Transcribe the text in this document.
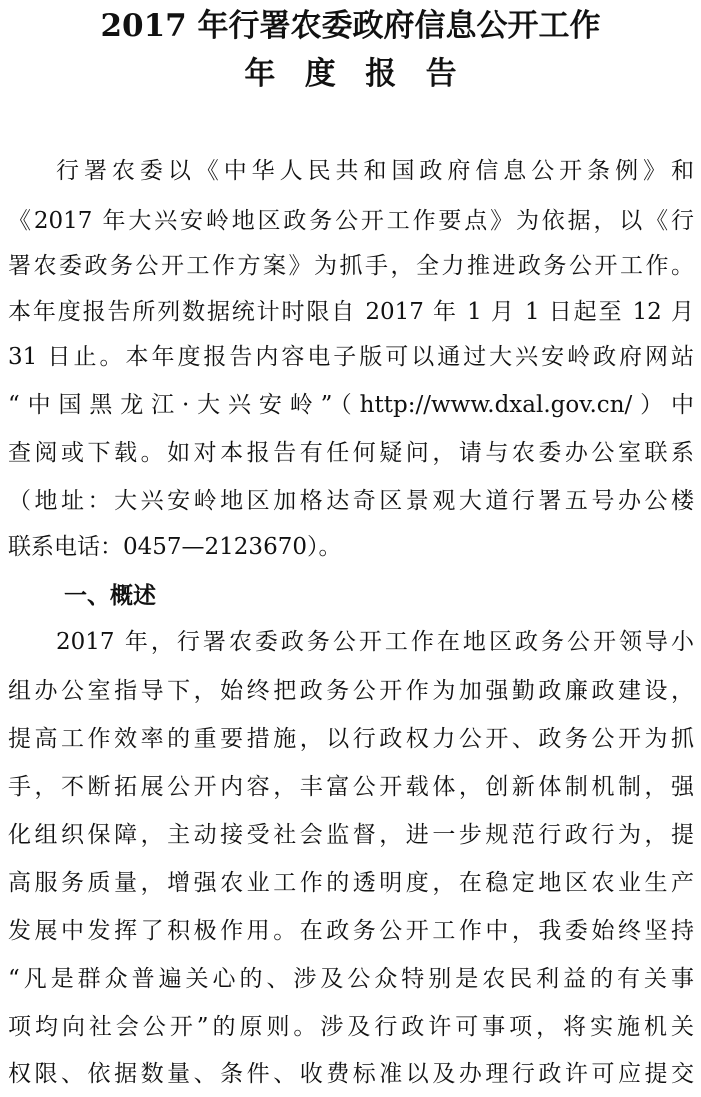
2017 年行署农委政府信息公开工作
年度报告

行署农委以《中华人民共和国政府信息公开条例》和

《2017 年大兴安岭地区政务公开工作要点》为依据，以《行

署农委政务公开工作方案》为抓手，全力推进政务公开工作。

本年度报告所列数据统计时限自 2017 年 1 月 1 日起至 12 月

31 日止。本年度报告内容电子版可以通过大兴安岭政府网站

“中国黑龙江·大兴安岭”（http://www.dxal.gov.cn/）中

查阅或下载。如对本报告有任何疑问，请与农委办公室联系

（地址：大兴安岭地区加格达奇区景观大道行署五号办公楼

联系电话：0457—2123670）。

一、概述

2017 年，行署农委政务公开工作在地区政务公开领导小

组办公室指导下，始终把政务公开作为加强勤政廉政建设，

提高工作效率的重要措施，以行政权力公开、政务公开为抓

手，不断拓展公开内容，丰富公开载体，创新体制机制，强

化组织保障，主动接受社会监督，进一步规范行政行为，提

高服务质量，增强农业工作的透明度，在稳定地区农业生产

发展中发挥了积极作用。在政务公开工作中，我委始终坚持

“凡是群众普遍关心的、涉及公众特别是农民利益的有关事

项均向社会公开”的原则。涉及行政许可事项，将实施机关

权限、依据数量、条件、收费标准以及办理行政许可应提交
